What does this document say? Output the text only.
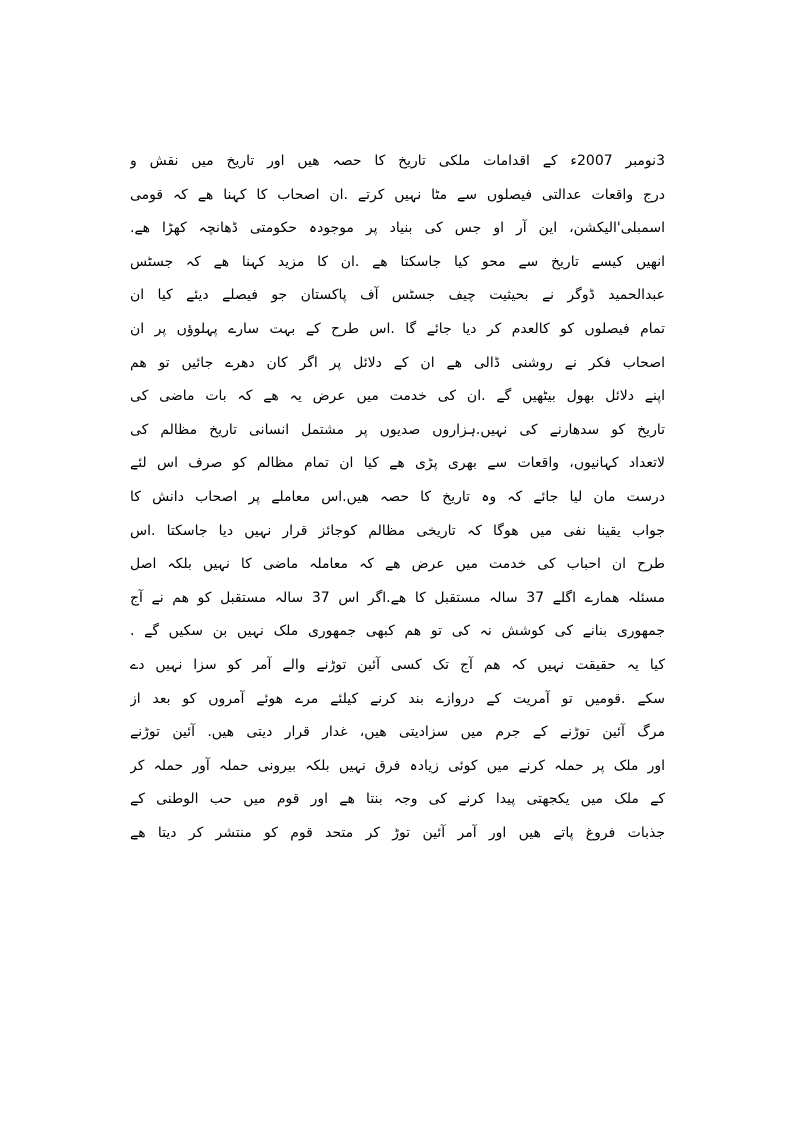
3نومبر 2007ء کے اقدامات ملکی تاریخ کا حصہ ھیں اور تاریخ میں نقش و
درج واقعات عدالتی فیصلوں سے مٹا نہیں کرتے .ان اصحاب کا کہنا ھے کہ قومی
اسمبلی'الیکشن، این آر او جس کی بنیاد پر موجودہ حکومتی ڈھانچہ کھڑا ھے.
انھیں کیسے تاریخ سے محو کیا جاسکتا ھے .ان کا مزید کہنا ھے کہ جسٹس
عبدالحمید ڈوگر نے بحیثیت چیف جسٹس آف پاکستان جو فیصلے دیئے کیا ان
تمام فیصلوں کو کالعدم کر دیا جائے گا .اس طرح کے بہت سارے پہلوؤں پر ان
اصحاب فکر نے روشنی ڈالی ھے ان کے دلائل پر اگر کان دھرے جائیں تو ھم
اپنے دلائل بھول بیٹھیں گے .ان کی خدمت میں عرض یہ ھے کہ بات ماضی کی
تاریخ کو سدھارنے کی نہیں.ہزاروں صدیوں پر مشتمل انسانی تاریخ مظالم کی
لاتعداد کہانیوں، واقعات سے بھری پڑی ھے کیا ان تمام مظالم کو صرف اس لئے
درست مان لیا جائے کہ وہ تاریخ کا حصہ ھیں.اس معاملے پر اصحاب دانش کا
جواب یقینا نفی میں ھوگا کہ تاریخی مظالم کوجائز قرار نہیں دیا جاسکتا .اس
طرح ان احباب کی خدمت میں عرض ھے کہ معاملہ ماضی کا نہیں بلکہ اصل
مسئلہ ھمارے اگلے 37 سالہ مستقبل کا ھے.اگر اس 37 سالہ مستقبل کو ھم نے آج
جمھوری بنانے کی کوشش نہ کی تو ھم کبھی جمھوری ملک نہیں بن سکیں گے .
کیا یہ حقیقت نہیں کہ ھم آج تک کسی آئین توڑنے والے آمر کو سزا نہیں دے
سکے .قومیں تو آمریت کے دروازے بند کرنے کیلئے مرے ھوئے آمروں کو بعد از
مرگ آئین توڑنے کے جرم میں سزادیتی ھیں، غدار قرار دیتی ھیں. آئین توڑنے
اور ملک پر حملہ کرنے میں کوئی زیادہ فرق نہیں بلکہ بیرونی حملہ آور حملہ کر
کے ملک میں یکجھتی پیدا کرنے کی وجہ بنتا ھے اور قوم میں حب الوطنی کے
جذبات فروغ پاتے ھیں اور آمر آئین توڑ کر متحد قوم کو منتشر کر دیتا ھے
